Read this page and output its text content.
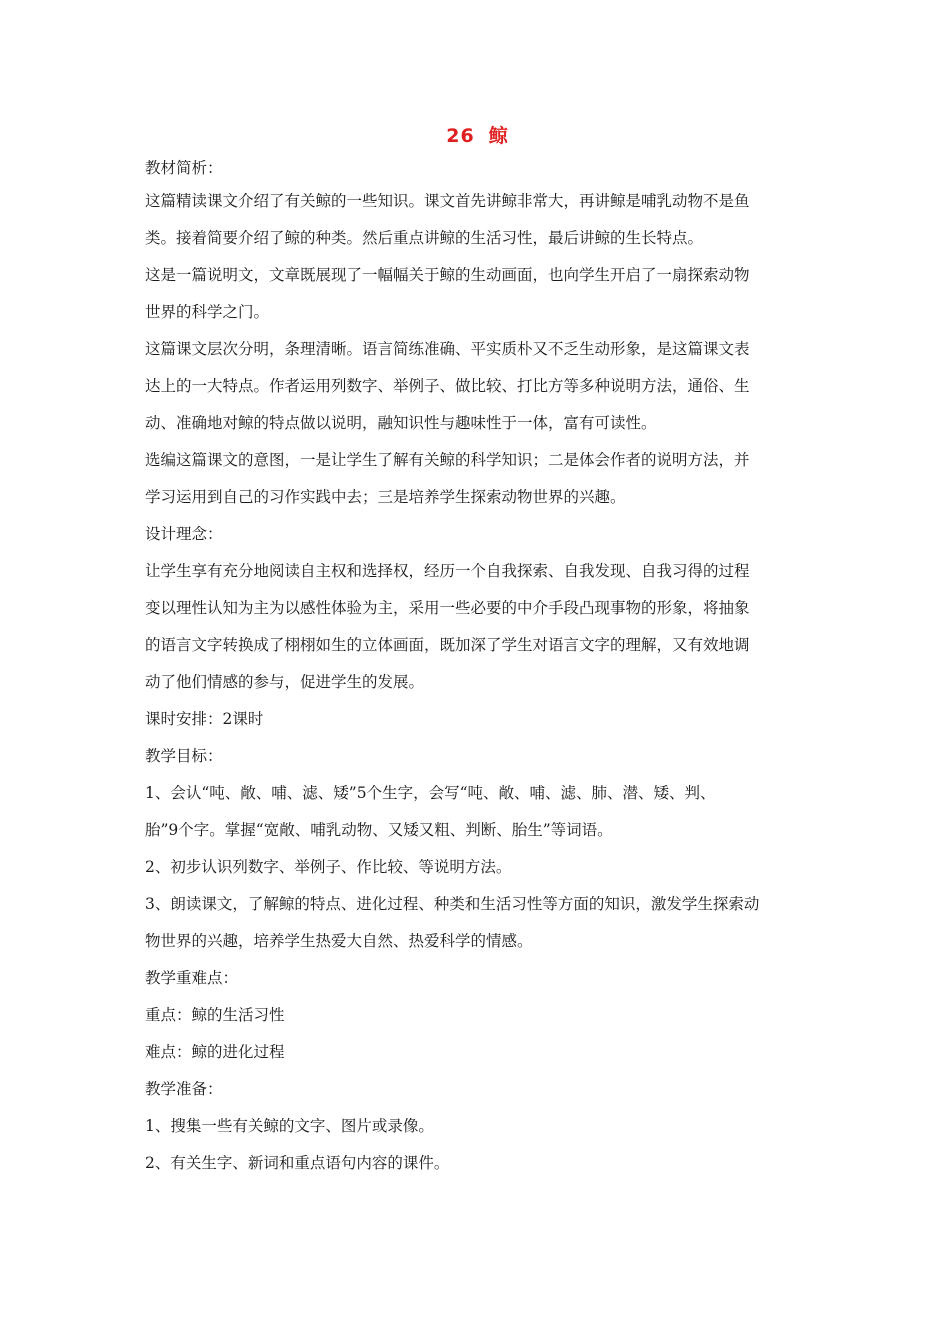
26 鲸

教材简析：

这篇精读课文介绍了有关鲸的一些知识。课文首先讲鲸非常大，再讲鲸是哺乳动物不是鱼

类。接着简要介绍了鲸的种类。然后重点讲鲸的生活习性，最后讲鲸的生长特点。

这是一篇说明文，文章既展现了一幅幅关于鲸的生动画面，也向学生开启了一扇探索动物

世界的科学之门。

这篇课文层次分明，条理清晰。语言简练准确、平实质朴又不乏生动形象，是这篇课文表

达上的一大特点。作者运用列数字、举例子、做比较、打比方等多种说明方法，通俗、生

动、准确地对鲸的特点做以说明，融知识性与趣味性于一体，富有可读性。

选编这篇课文的意图，一是让学生了解有关鲸的科学知识；二是体会作者的说明方法，并

学习运用到自己的习作实践中去；三是培养学生探索动物世界的兴趣。

设计理念：

让学生享有充分地阅读自主权和选择权，经历一个自我探索、自我发现、自我习得的过程

变以理性认知为主为以感性体验为主，采用一些必要的中介手段凸现事物的形象，将抽象

的语言文字转换成了栩栩如生的立体画面，既加深了学生对语言文字的理解，又有效地调

动了他们情感的参与，促进学生的发展。

课时安排：2课时

教学目标：

1、会认“吨、敞、哺、滤、矮”5个生字，会写“吨、敞、哺、滤、肺、潜、矮、判、

胎”9个字。掌握“宽敞、哺乳动物、又矮又粗、判断、胎生”等词语。

2、初步认识列数字、举例子、作比较、等说明方法。

3、朗读课文，了解鲸的特点、进化过程、种类和生活习性等方面的知识，激发学生探索动

物世界的兴趣，培养学生热爱大自然、热爱科学的情感。

教学重难点：

重点：鲸的生活习性

难点：鲸的进化过程

教学准备：

1、搜集一些有关鲸的文字、图片或录像。

2、有关生字、新词和重点语句内容的课件。
